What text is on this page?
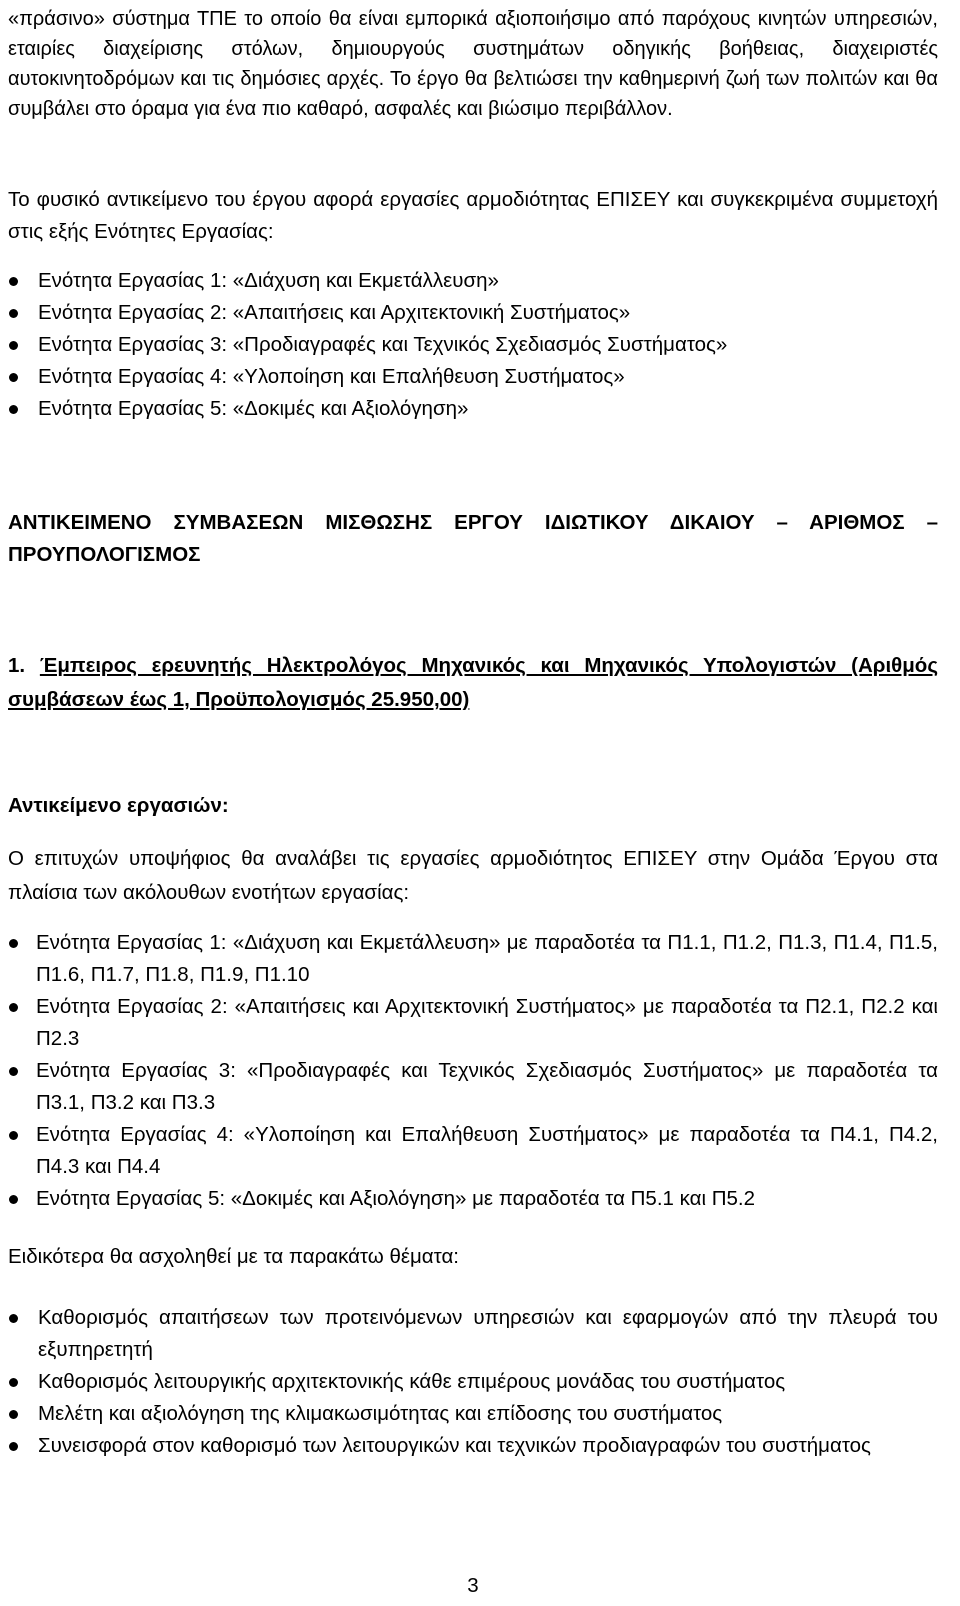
«πράσινο» σύστημα ΤΠΕ το οποίο θα είναι εμπορικά αξιοποιήσιμο από παρόχους κινητών υπηρεσιών, εταιρίες διαχείρισης στόλων, δημιουργούς συστημάτων οδηγικής βοήθειας, διαχειριστές αυτοκινητοδρόμων και τις δημόσιες αρχές. Το έργο θα βελτιώσει την καθημερινή ζωή των πολιτών και θα συμβάλει στο όραμα για ένα πιο καθαρό, ασφαλές και βιώσιμο περιβάλλον.

Το φυσικό αντικείμενο του έργου αφορά εργασίες αρμοδιότητας ΕΠΙΣΕΥ και συγκεκριμένα συμμετοχή στις εξής Ενότητες Εργασίας:

Ενότητα Εργασίας 1: «Διάχυση και Εκμετάλλευση»
Ενότητα Εργασίας 2: «Απαιτήσεις και Αρχιτεκτονική Συστήματος»
Ενότητα Εργασίας 3: «Προδιαγραφές και Τεχνικός Σχεδιασμός Συστήματος»
Ενότητα Εργασίας 4: «Υλοποίηση και Επαλήθευση Συστήματος»
Ενότητα Εργασίας 5: «Δοκιμές και Αξιολόγηση»
ΑΝΤΙΚΕΙΜΕΝΟ ΣΥΜΒΑΣΕΩΝ ΜΙΣΘΩΣΗΣ ΕΡΓΟΥ ΙΔΙΩΤΙΚΟΥ ΔΙΚΑΙΟΥ – ΑΡΙΘΜΟΣ – ΠΡΟΥΠΟΛΟΓΙΣΜΟΣ
1. Έμπειρος ερευνητής Ηλεκτρολόγος Μηχανικός και Μηχανικός Υπολογιστών (Αριθμός συμβάσεων έως 1, Προϋπολογισμός 25.950,00)
Αντικείμενο εργασιών:

Ο επιτυχών υποψήφιος θα αναλάβει τις εργασίες αρμοδιότητος ΕΠΙΣΕΥ στην Ομάδα Έργου στα πλαίσια των ακόλουθων ενοτήτων εργασίας:

Ενότητα Εργασίας 1: «Διάχυση και Εκμετάλλευση» με παραδοτέα τα Π1.1, Π1.2, Π1.3, Π1.4, Π1.5, Π1.6, Π1.7, Π1.8, Π1.9, Π1.10
Ενότητα Εργασίας 2: «Απαιτήσεις και Αρχιτεκτονική Συστήματος» με παραδοτέα τα Π2.1, Π2.2 και Π2.3
Ενότητα Εργασίας 3: «Προδιαγραφές και Τεχνικός Σχεδιασμός Συστήματος» με παραδοτέα τα Π3.1, Π3.2 και Π3.3
Ενότητα Εργασίας 4: «Υλοποίηση και Επαλήθευση Συστήματος» με παραδοτέα τα Π4.1, Π4.2, Π4.3 και Π4.4
Ενότητα Εργασίας 5: «Δοκιμές και Αξιολόγηση» με παραδοτέα τα Π5.1 και Π5.2

Ειδικότερα θα ασχοληθεί με τα παρακάτω θέματα:

Καθορισμός απαιτήσεων των προτεινόμενων υπηρεσιών και εφαρμογών από την πλευρά του εξυπηρετητή
Καθορισμός λειτουργικής αρχιτεκτονικής κάθε επιμέρους μονάδας του συστήματος
Μελέτη και αξιολόγηση της κλιμακωσιμότητας και επίδοσης του συστήματος
Συνεισφορά στον καθορισμό των λειτουργικών και τεχνικών προδιαγραφών του συστήματος
3
